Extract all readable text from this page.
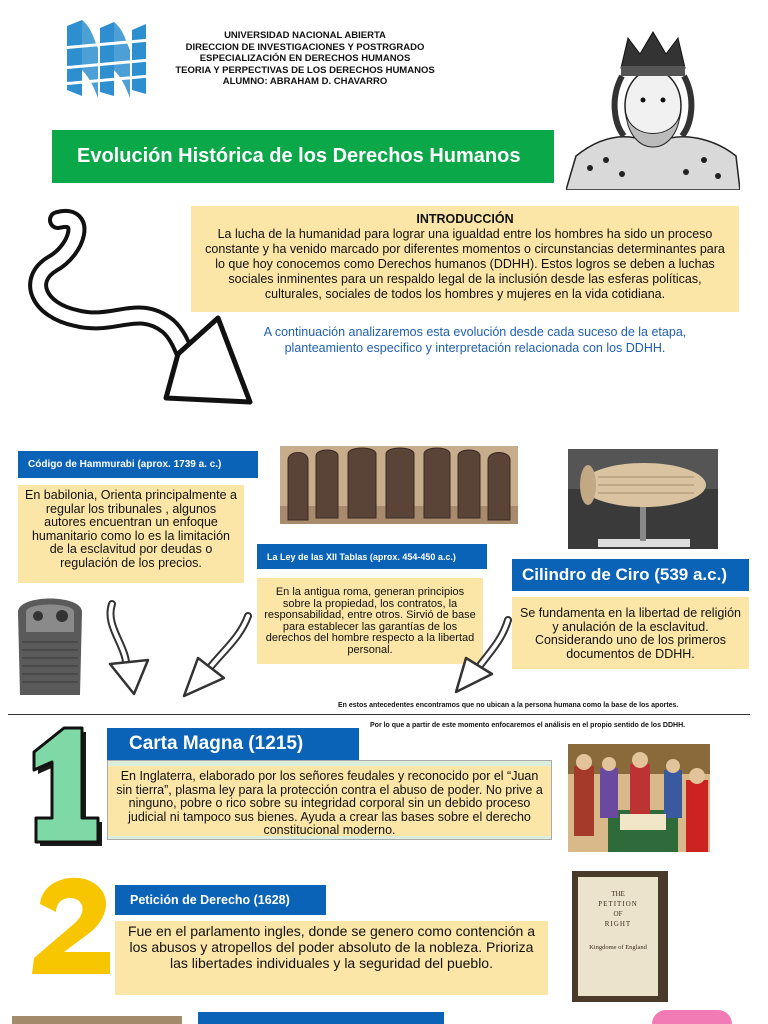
UNIVERSIDAD NACIONAL ABIERTA
DIRECCION DE INVESTIGACIONES Y POSTRGRADO
ESPECIALIZACIÓN EN DERECHOS HUMANOS
TEORIA Y PERPECTIVAS DE LOS DERECHOS HUMANOS
ALUMNO: ABRAHAM D. CHAVARRO
Evolución Histórica de los Derechos Humanos
INTRODUCCIÓN
La lucha de la humanidad para lograr una igualdad entre los hombres ha sido un proceso constante y ha venido marcado por diferentes momentos o circunstancias determinantes para lo que hoy conocemos como Derechos humanos (DDHH). Estos logros se deben a luchas sociales inminentes para un respaldo legal de la inclusión desde las esferas políticas, culturales, sociales de todos los hombres y mujeres en la vida cotidiana.
A continuación analizaremos esta evolución desde cada suceso de la etapa, planteamiento especifico y interpretación relacionada con los DDHH.
Código de Hammurabi (aprox. 1739 a. c.)
En babilonia, Orienta principalmente a regular los tribunales , algunos autores encuentran un enfoque humanitario como lo es la limitación de la esclavitud por deudas o regulación de los precios.	La Ley de las XII Tablas (aprox. 454-450 a.c.)
En la antigua roma, generan principios sobre la propiedad, los contratos, la responsabilidad, entre otros. Sirvió de base para establecer las garantías de los derechos del hombre respecto a la libertad personal.
Cilindro de Ciro (539 a.c.)
Se fundamenta en la libertad de religión y anulación de la esclavitud. Considerando uno de los primeros documentos de DDHH.
En estos antecedentes encontramos que no ubican a la persona humana como la base de los aportes.
Por lo que a partir de este momento enfocaremos el análisis en el propio sentido de los DDHH.
Carta Magna (1215)
En Inglaterra, elaborado por los señores feudales y reconocido por el “Juan sin tierra”, plasma ley para la protección contra el abuso de poder. No prive a ninguno, pobre o rico sobre su integridad corporal sin un debido proceso judicial ni tampoco sus bienes. Ayuda a crear las bases sobre el derecho constitucional moderno.
Petición de Derecho (1628)
Fue en el parlamento ingles, donde se genero como contención a los abusos y atropellos del poder absoluto de la nobleza. Prioriza las libertades individuales y la seguridad del pueblo.
THE
PETITION
OF
RIGHT
Kingdome of England
